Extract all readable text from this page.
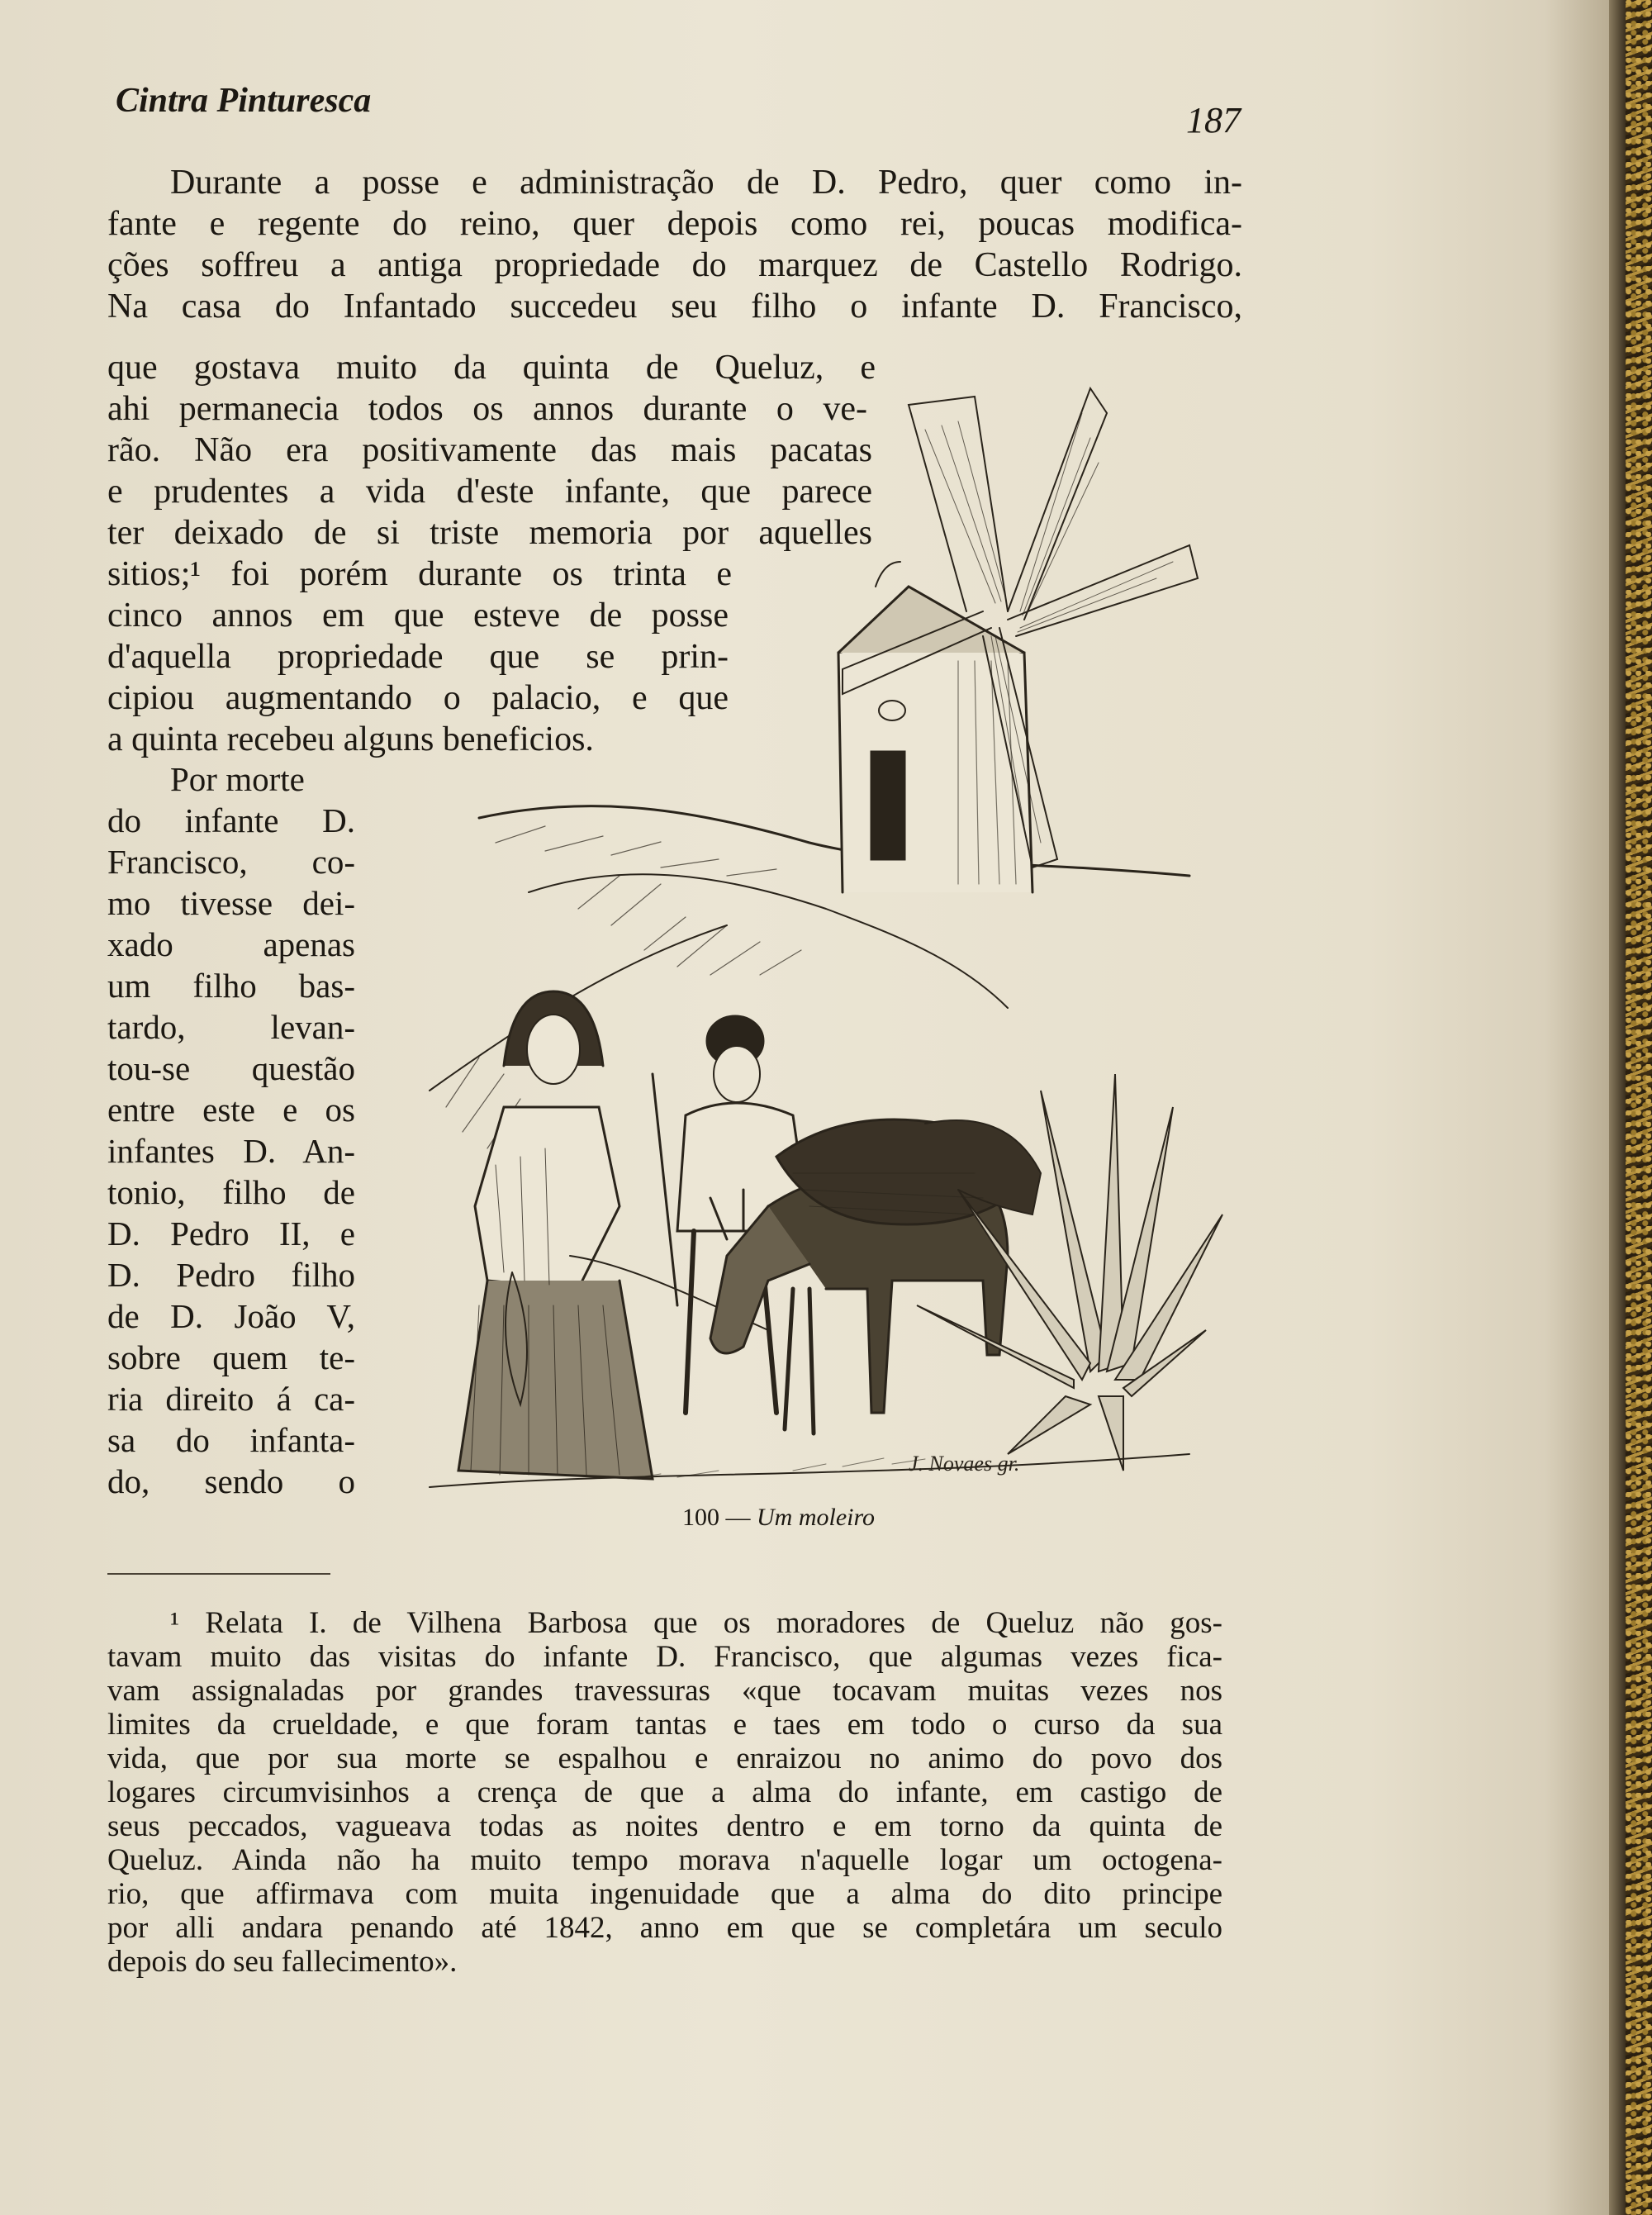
Cintra Pinturesca	187
Durante a posse e administração de D. Pedro, quer como in-
fante e regente do reino, quer depois como rei, poucas modifica-
ções soffreu a antiga propriedade do marquez de Castello Rodrigo.
Na casa do Infantado succedeu seu filho o infante D. Francisco,
que gostava muito da quinta de Queluz, e
ahi permanecia todos os annos durante o ve-
rão. Não era positivamente das mais pacatas
e prudentes a vida d'este infante, que parece
ter deixado de si triste memoria por aquelles
sitios;¹ foi porém durante os trinta e
cinco annos em que esteve de posse
d'aquella propriedade que se prin-
cipiou augmentando o palacio, e que
a quinta recebeu alguns beneficios.
Por morte
do infante D.
Francisco, co-
mo tivesse dei-
xado apenas
um filho bas-
tardo, levan-
tou-se questão
entre este e os
infantes D. An-
tonio, filho de
D. Pedro II, e
D. Pedro filho
de D. João V,
sobre quem te-
ria direito á ca-
sa do infanta-
do, sendo o	J. Novaes gr.
100 — Um moleiro
¹ Relata I. de Vilhena Barbosa que os moradores de Queluz não gos-
tavam muito das visitas do infante D. Francisco, que algumas vezes fica-
vam assignaladas por grandes travessuras «que tocavam muitas vezes nos
limites da crueldade, e que foram tantas e taes em todo o curso da sua
vida, que por sua morte se espalhou e enraizou no animo do povo dos
logares circumvisinhos a crença de que a alma do infante, em castigo de
seus peccados, vagueava todas as noites dentro e em torno da quinta de
Queluz. Ainda não ha muito tempo morava n'aquelle logar um octogena-
rio, que affirmava com muita ingenuidade que a alma do dito principe
por alli andara penando até 1842, anno em que se completára um seculo
depois do seu fallecimento».
